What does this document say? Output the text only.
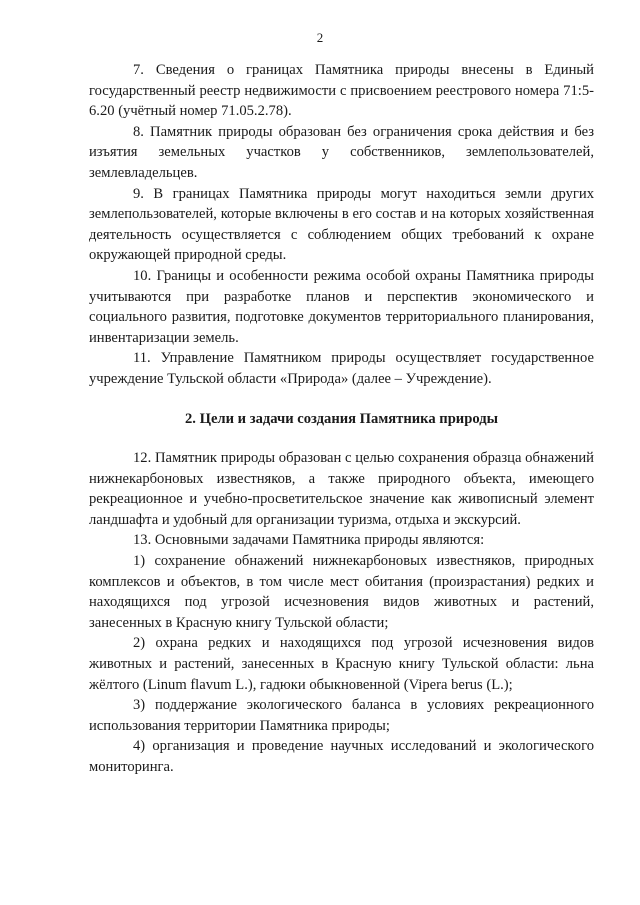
2

7. Сведения о границах Памятника природы внесены в Единый государственный реестр недвижимости с присвоением реестрового номера 71:5-6.20 (учётный номер 71.05.2.78).

8. Памятник природы образован без ограничения срока действия и без изъятия земельных участков у собственников, землепользователей, землевладельцев.

9. В границах Памятника природы могут находиться земли других землепользователей, которые включены в его состав и на которых хозяйственная деятельность осуществляется с соблюдением общих требований к охране окружающей природной среды.

10. Границы и особенности режима особой охраны Памятника природы учитываются при разработке планов и перспектив экономического и социального развития, подготовке документов территориального планирования, инвентаризации земель.

11. Управление Памятником природы осуществляет государственное учреждение Тульской области «Природа» (далее – Учреждение).

2. Цели и задачи создания Памятника природы

12. Памятник природы образован с целью сохранения образца обнажений нижнекарбоновых известняков, а также природного объекта, имеющего рекреационное и учебно-просветительское значение как живописный элемент ландшафта и удобный для организации туризма, отдыха и экскурсий.

13. Основными задачами Памятника природы являются:

1) сохранение обнажений нижнекарбоновых известняков, природных комплексов и объектов, в том числе мест обитания (произрастания) редких и находящихся под угрозой исчезновения видов животных и растений, занесенных в Красную книгу Тульской области;

2) охрана редких и находящихся под угрозой исчезновения видов животных и растений, занесенных в Красную книгу Тульской области: льна жёлтого (Linum flavum L.), гадюки обыкновенной (Vipera berus (L.);

3) поддержание экологического баланса в условиях рекреационного использования территории Памятника природы;

4) организация и проведение научных исследований и экологического мониторинга.
